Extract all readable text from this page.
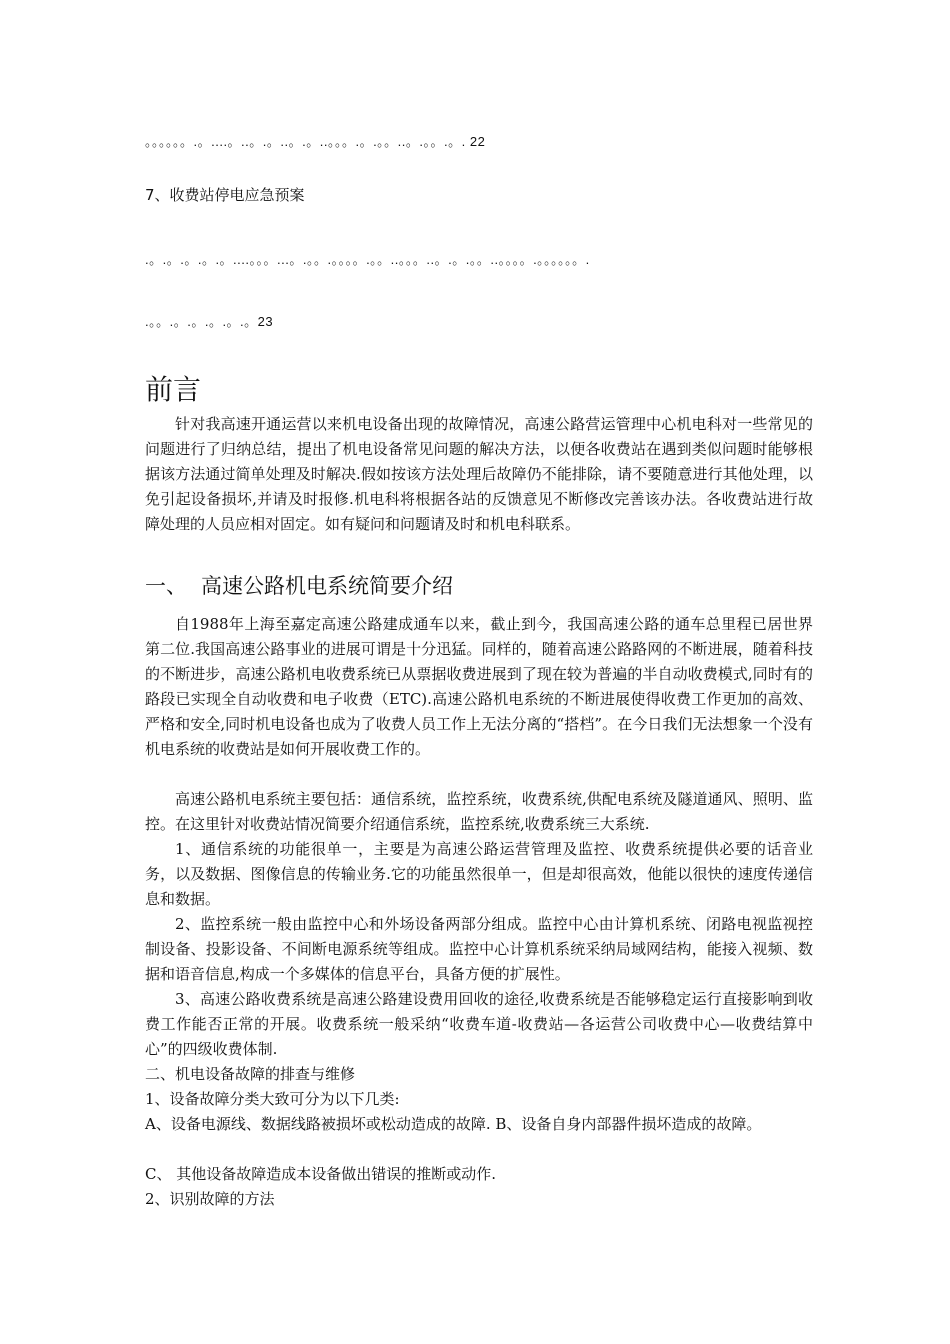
。。。。。。.。....。..。.。..。.。..。。。.。.。。..。.。。.。. 22
7、收费站停电应急预案
.。.。.。.。.。....。。。...。.。。.。。。。.。。..。。。..。.。.。。..。。。。.。。。。。。.
.。。.。.。.。.。.。23
前言

针对我高速开通运营以来机电设备出现的故障情况，高速公路营运管理中心机电科对一些常见的问题进行了归纳总结，提出了机电设备常见问题的解决方法，以便各收费站在遇到类似问题时能够根据该方法通过简单处理及时解决.假如按该方法处理后故障仍不能排除，请不要随意进行其他处理，以免引起设备损坏,并请及时报修.机电科将根据各站的反馈意见不断修改完善该办法。各收费站进行故障处理的人员应相对固定。如有疑问和问题请及时和机电科联系。

一、 高速公路机电系统简要介绍

自1988年上海至嘉定高速公路建成通车以来，截止到今，我国高速公路的通车总里程已居世界第二位.我国高速公路事业的进展可谓是十分迅猛。同样的，随着高速公路路网的不断进展，随着科技的不断进步，高速公路机电收费系统已从票据收费进展到了现在较为普遍的半自动收费模式,同时有的路段已实现全自动收费和电子收费（ETC).高速公路机电系统的不断进展使得收费工作更加的高效、严格和安全,同时机电设备也成为了收费人员工作上无法分离的“搭档”。在今日我们无法想象一个没有机电系统的收费站是如何开展收费工作的。

高速公路机电系统主要包括：通信系统，监控系统，收费系统,供配电系统及隧道通风、照明、监控。在这里针对收费站情况简要介绍通信系统，监控系统,收费系统三大系统.

1、通信系统的功能很单一，主要是为高速公路运营管理及监控、收费系统提供必要的话音业务，以及数据、图像信息的传输业务.它的功能虽然很单一，但是却很高效，他能以很快的速度传递信息和数据。

2、监控系统一般由监控中心和外场设备两部分组成。监控中心由计算机系统、闭路电视监视控制设备、投影设备、不间断电源系统等组成。监控中心计算机系统采纳局域网结构，能接入视频、数据和语音信息,构成一个多媒体的信息平台，具备方便的扩展性。

3、高速公路收费系统是高速公路建设费用回收的途径,收费系统是否能够稳定运行直接影响到收费工作能否正常的开展。收费系统一般采纳“收费车道-收费站—各运营公司收费中心—收费结算中心”的四级收费体制.

二、机电设备故障的排查与维修

1、设备故障分类大致可分为以下几类:

A、设备电源线、数据线路被损坏或松动造成的故障. B、设备自身内部器件损坏造成的故障。

C、 其他设备故障造成本设备做出错误的推断或动作.

2、识别故障的方法
